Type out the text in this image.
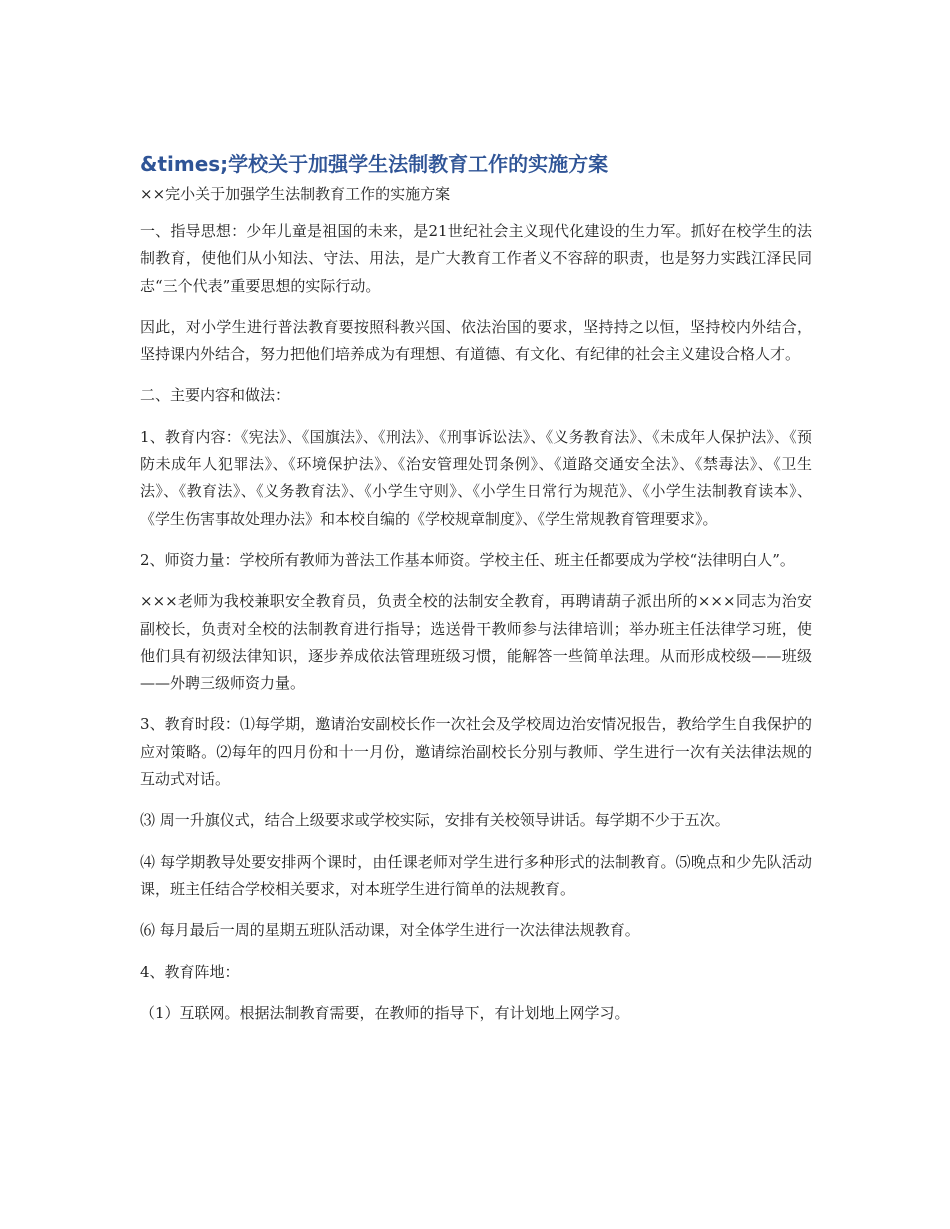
&times;学校关于加强学生法制教育工作的实施方案

××完小关于加强学生法制教育工作的实施方案

一、指导思想：少年儿童是祖国的未来，是21世纪社会主义现代化建设的生力军。抓好在校学生的法制教育，使他们从小知法、守法、用法，是广大教育工作者义不容辞的职责，也是努力实践江泽民同志“三个代表”重要思想的实际行动。

因此，对小学生进行普法教育要按照科教兴国、依法治国的要求，坚持持之以恒，坚持校内外结合，坚持课内外结合，努力把他们培养成为有理想、有道德、有文化、有纪律的社会主义建设合格人才。

二、主要内容和做法：

1、教育内容：《宪法》、《国旗法》、《刑法》、《刑事诉讼法》、《义务教育法》、《未成年人保护法》、《预防未成年人犯罪法》、《环境保护法》、《治安管理处罚条例》、《道路交通安全法》、《禁毒法》、《卫生法》、《教育法》、《义务教育法》、《小学生守则》、《小学生日常行为规范》、《小学生法制教育读本》、《学生伤害事故处理办法》和本校自编的《学校规章制度》、《学生常规教育管理要求》。

2、师资力量：学校所有教师为普法工作基本师资。学校主任、班主任都要成为学校“法律明白人”。

×××老师为我校兼职安全教育员，负责全校的法制安全教育，再聘请葫子派出所的×××同志为治安副校长，负责对全校的法制教育进行指导；选送骨干教师参与法律培训；举办班主任法律学习班，使他们具有初级法律知识，逐步养成依法管理班级习惯，能解答一些简单法理。从而形成校级——班级——外聘三级师资力量。

3、教育时段：⑴每学期，邀请治安副校长作一次社会及学校周边治安情况报告，教给学生自我保护的应对策略。⑵每年的四月份和十一月份，邀请综治副校长分别与教师、学生进行一次有关法律法规的互动式对话。

⑶ 周一升旗仪式，结合上级要求或学校实际，安排有关校领导讲话。每学期不少于五次。

⑷ 每学期教导处要安排两个课时，由任课老师对学生进行多种形式的法制教育。⑸晚点和少先队活动课，班主任结合学校相关要求，对本班学生进行简单的法规教育。

⑹ 每月最后一周的星期五班队活动课，对全体学生进行一次法律法规教育。

4、教育阵地：

（1）互联网。根据法制教育需要，在教师的指导下，有计划地上网学习。
